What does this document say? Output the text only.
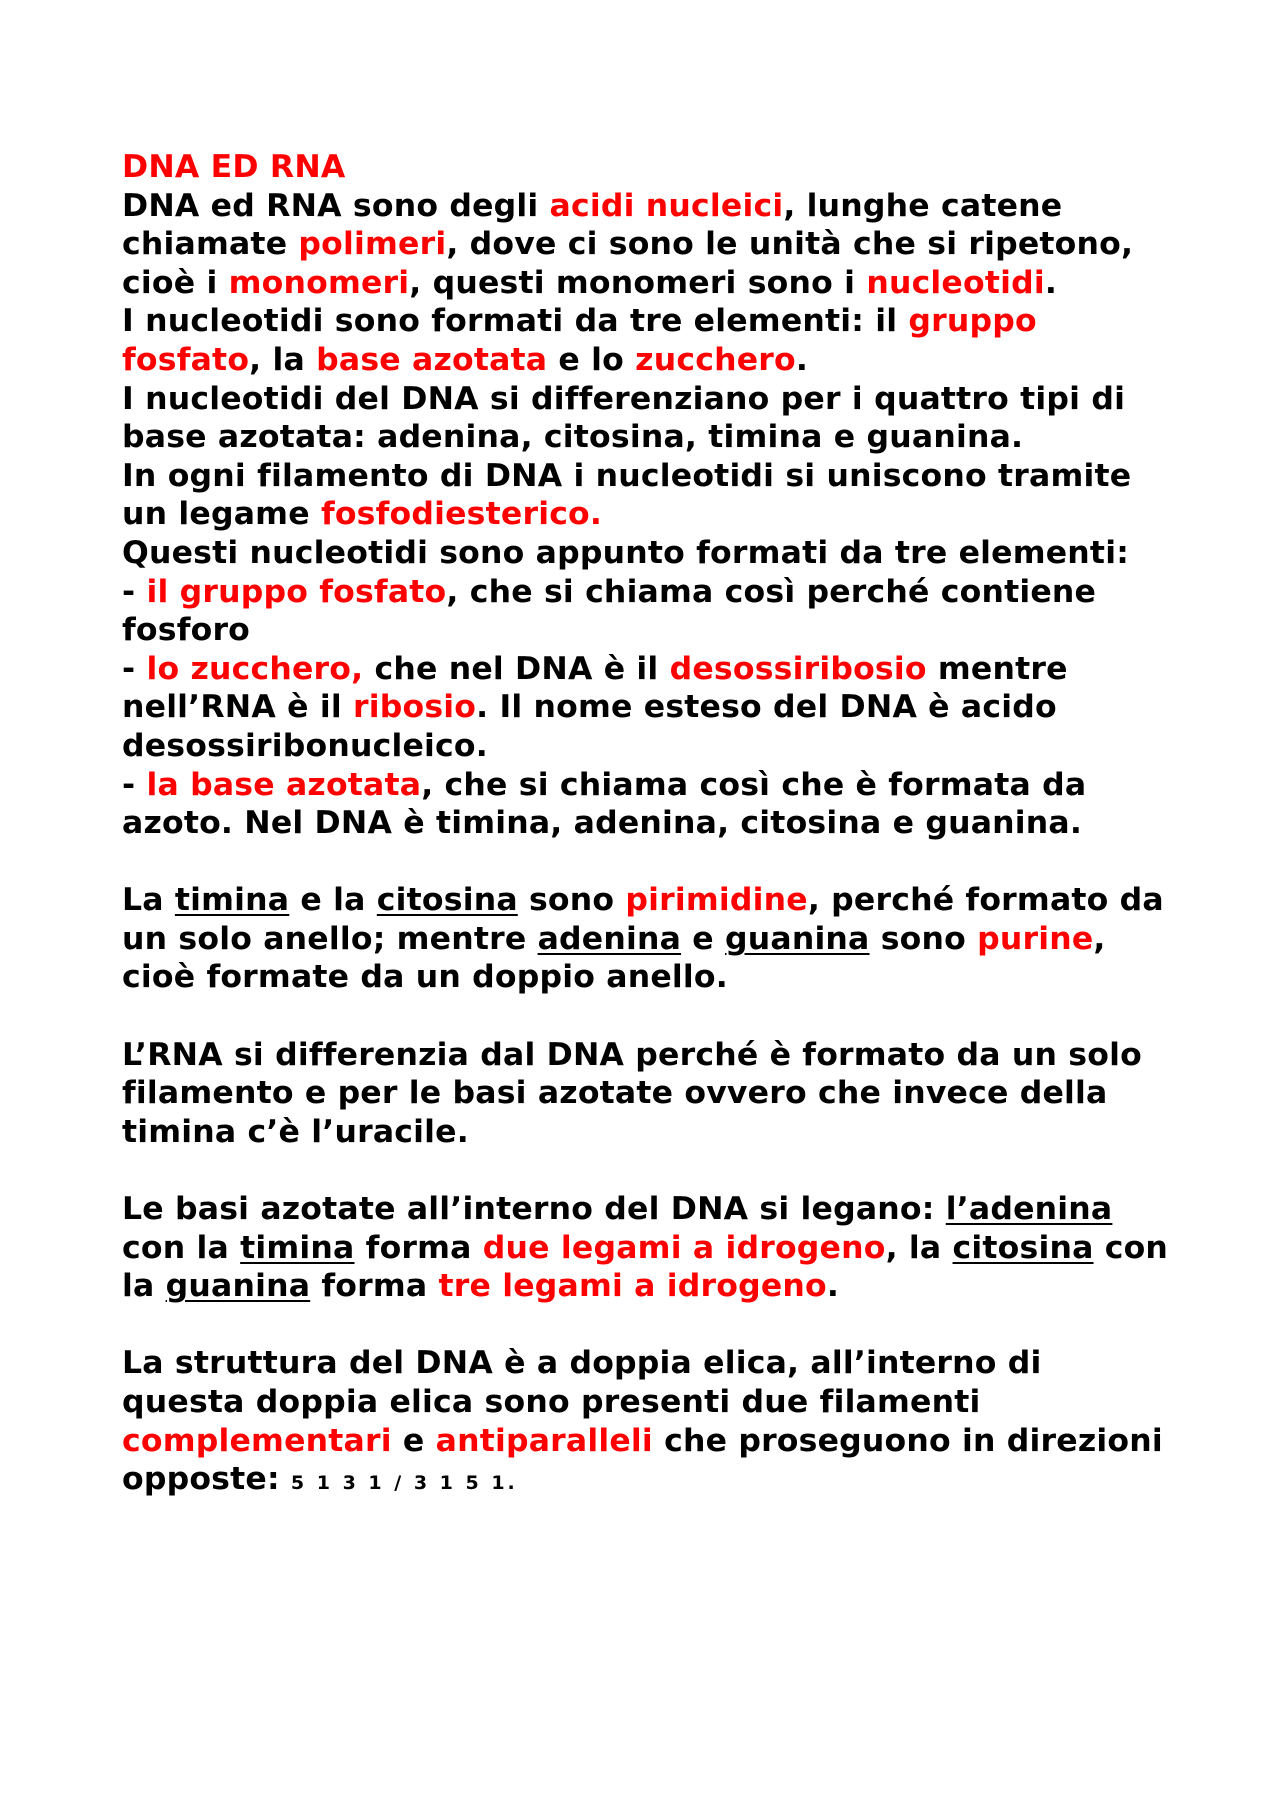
DNA ED RNA

DNA ed RNA sono degli acidi nucleici, lunghe catene chiamate polimeri, dove ci sono le unità che si ripetono, cioè i monomeri, questi monomeri sono i nucleotidi.

I nucleotidi sono formati da tre elementi: il gruppo fosfato, la base azotata e lo zucchero.

I nucleotidi del DNA si differenziano per i quattro tipi di base azotata: adenina, citosina, timina e guanina.

In ogni filamento di DNA i nucleotidi si uniscono tramite un legame fosfodiesterico.

Questi nucleotidi sono appunto formati da tre elementi:

- il gruppo fosfato, che si chiama così perché contiene fosforo

- lo zucchero, che nel DNA è il desossiribosio mentre nell’RNA è il ribosio. Il nome esteso del DNA è acido desossiribonucleico.

- la base azotata, che si chiama così che è formata da azoto. Nel DNA è timina, adenina, citosina e guanina.

La timina e la citosina sono pirimidine, perché formato da un solo anello; mentre adenina e guanina sono purine, cioè formate da un doppio anello.

L’RNA si differenzia dal DNA perché è formato da un solo filamento e per le basi azotate ovvero che invece della timina c’è l’uracile.

Le basi azotate all’interno del DNA si legano: l’adenina con la timina forma due legami a idrogeno, la citosina con la guanina forma tre legami a idrogeno.

La struttura del DNA è a doppia elica, all’interno di questa doppia elica sono presenti due filamenti complementari e antiparalleli che proseguono in direzioni opposte: 5 1 3 1 / 3 1 5 1.
